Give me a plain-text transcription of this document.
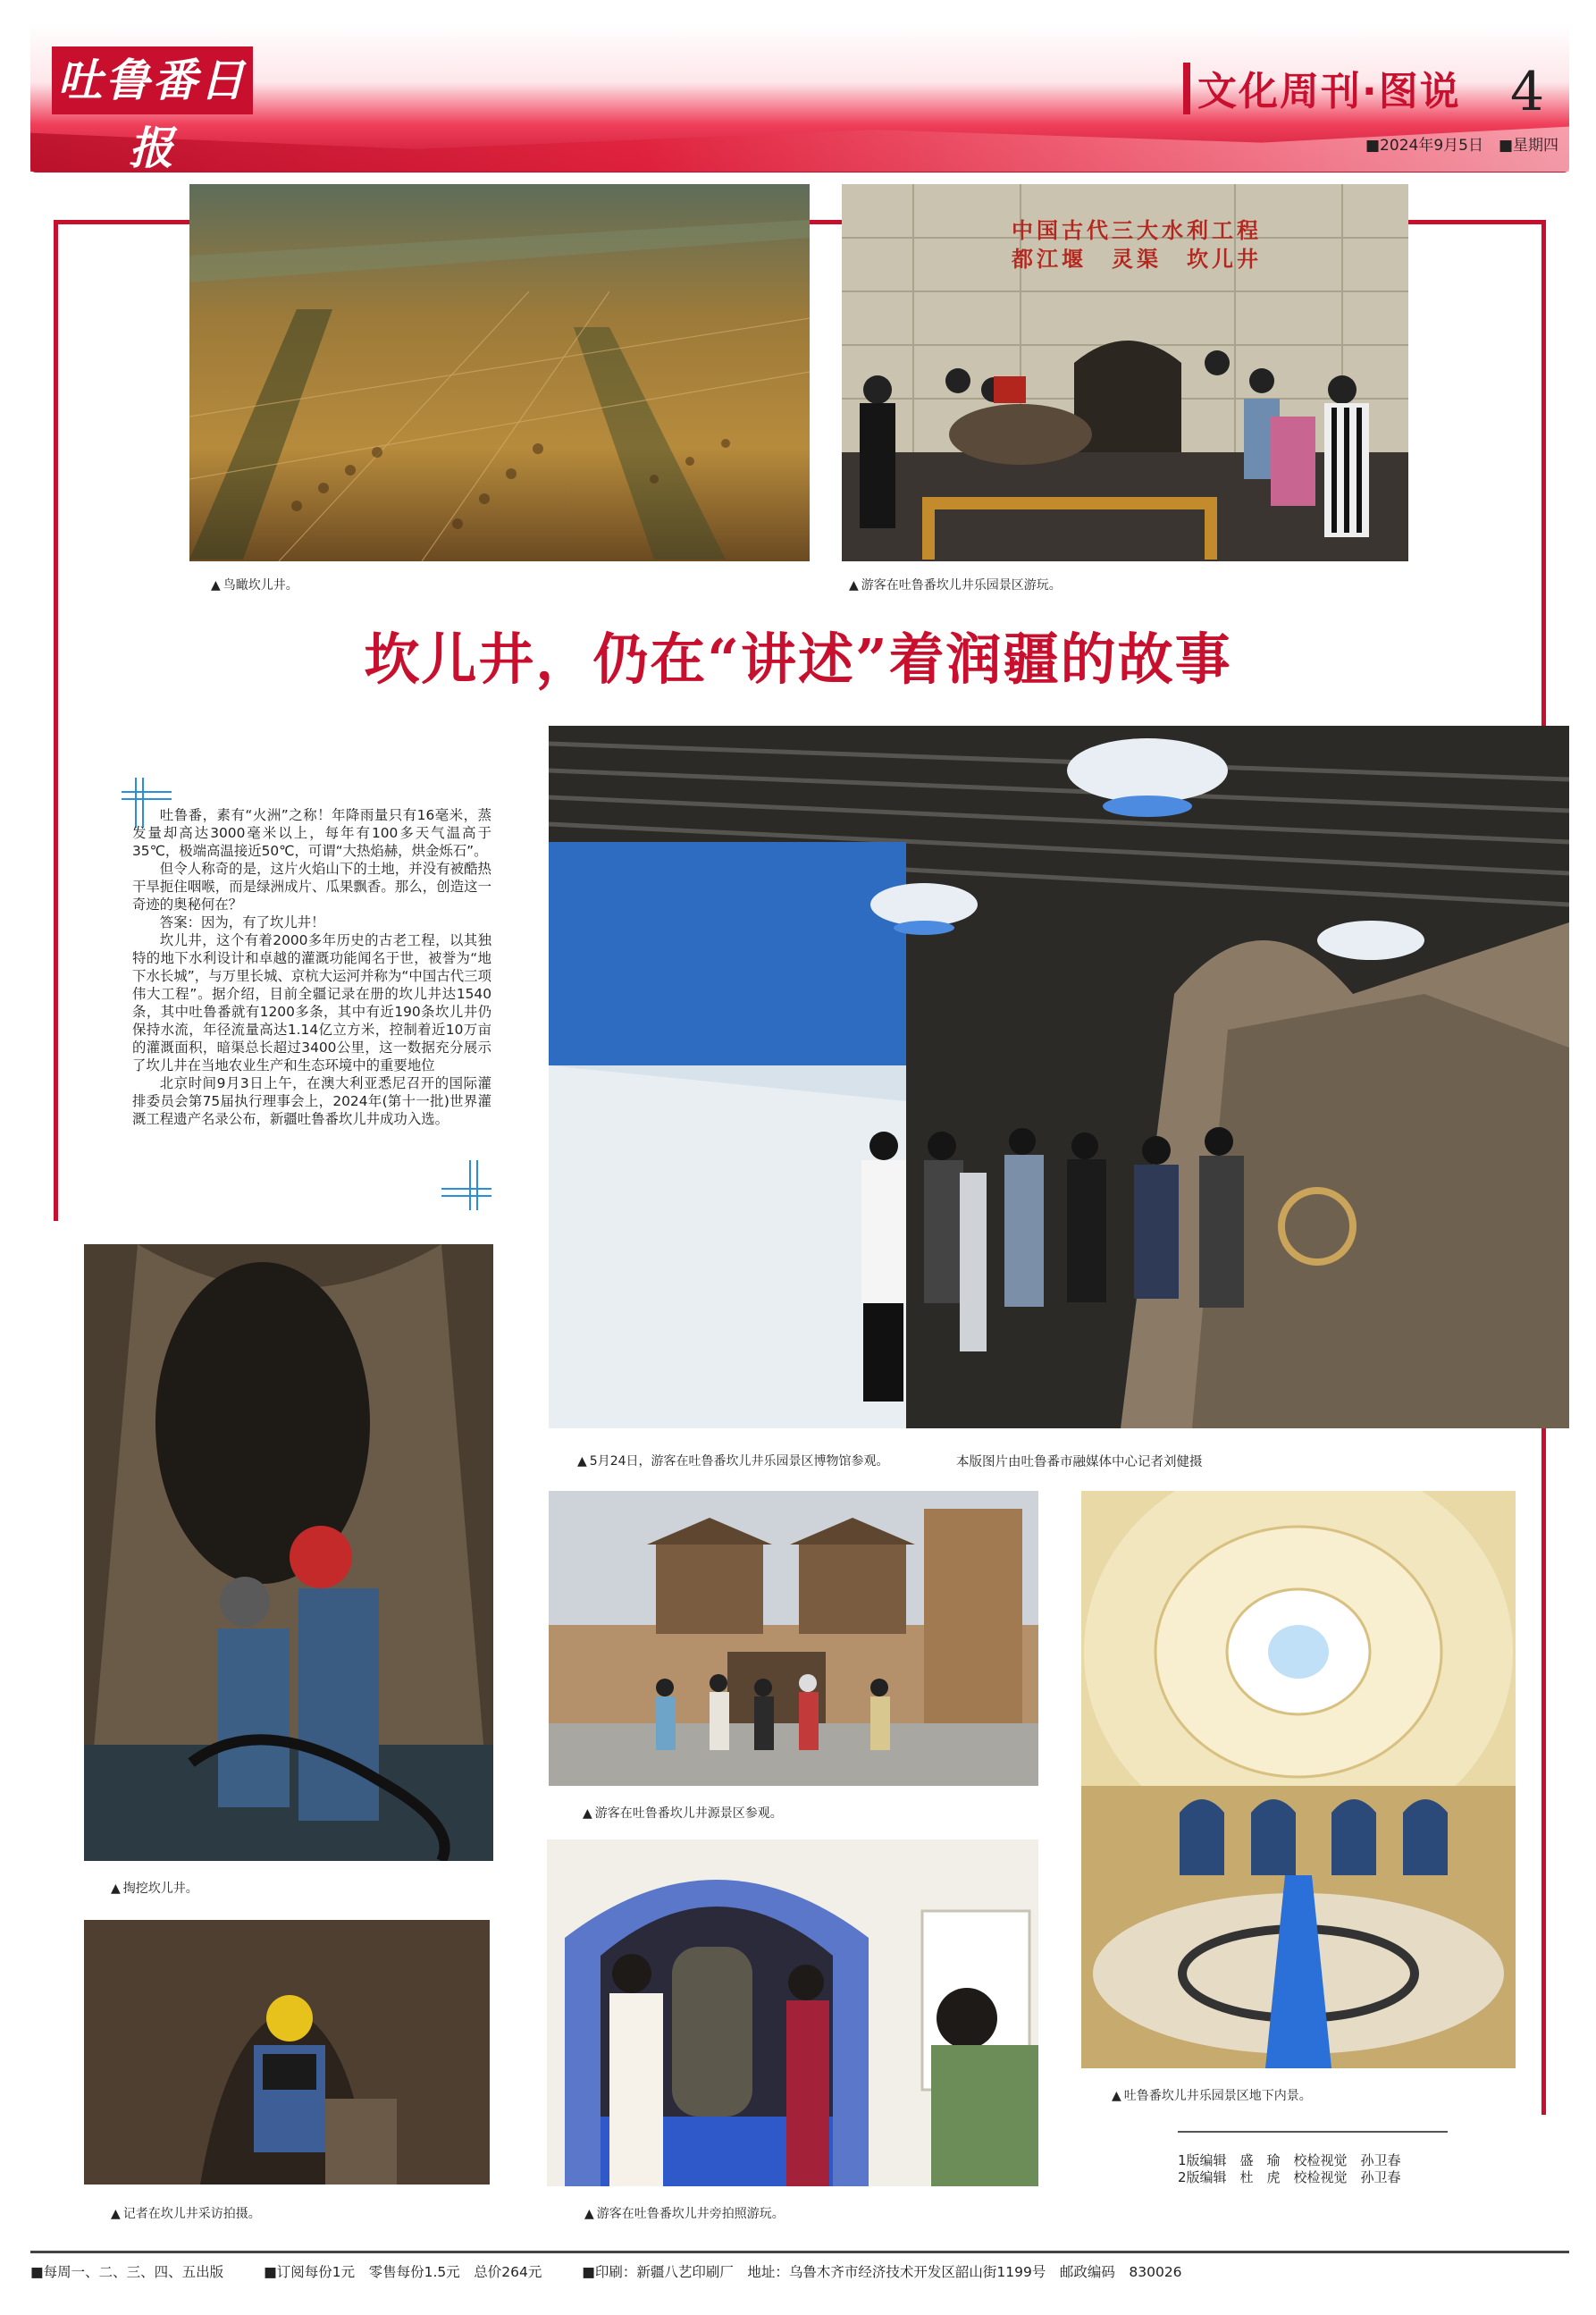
吐鲁番日报
文化周刊·图说 4
■2024年9月5日　■星期四
▲ 鸟瞰坎儿井。
中国古代三大水利工程
都江堰　灵渠　坎儿井
▲ 游客在吐鲁番坎儿井乐园景区游玩。
坎儿井，仍在“讲述”着润疆的故事

吐鲁番，素有“火洲”之称！年降雨量只有16毫米，蒸发量却高达3000毫米以上，每年有100多天气温高于35℃，极端高温接近50℃，可谓“大热焰赫，烘金烁石”。

但令人称奇的是，这片火焰山下的土地，并没有被酷热干旱扼住咽喉，而是绿洲成片、瓜果飘香。那么，创造这一奇迹的奥秘何在？

答案：因为，有了坎儿井！

坎儿井，这个有着2000多年历史的古老工程，以其独特的地下水利设计和卓越的灌溉功能闻名于世，被誉为“地下水长城”，与万里长城、京杭大运河并称为“中国古代三项伟大工程”。据介绍，目前全疆记录在册的坎儿井达1540条，其中吐鲁番就有1200多条，其中有近190条坎儿井仍保持水流，年径流量高达1.14亿立方米，控制着近10万亩的灌溉面积，暗渠总长超过3400公里，这一数据充分展示了坎儿井在当地农业生产和生态环境中的重要地位

北京时间9月3日上午，在澳大利亚悉尼召开的国际灌排委员会第75届执行理事会上，2024年(第十一批)世界灌溉工程遗产名录公布，新疆吐鲁番坎儿井成功入选。

▲ 5月24日，游客在吐鲁番坎儿井乐园景区博物馆参观。	本版图片由吐鲁番市融媒体中心记者刘健摄
▲ 掏挖坎儿井。
▲ 记者在坎儿井采访拍摄。
▲ 游客在吐鲁番坎儿井源景区参观。
▲ 吐鲁番坎儿井乐园景区地下内景。
▲ 游客在吐鲁番坎儿井旁拍照游玩。
1版编辑　盛　瑜　校检视觉　孙卫春
2版编辑　杜　虎　校检视觉　孙卫春
■每周一、二、三、四、五出版	■订阅每份1元　零售每份1.5元　总价264元	■印刷：新疆八艺印刷厂　地址：乌鲁木齐市经济技术开发区韶山街1199号　邮政编码　830026
